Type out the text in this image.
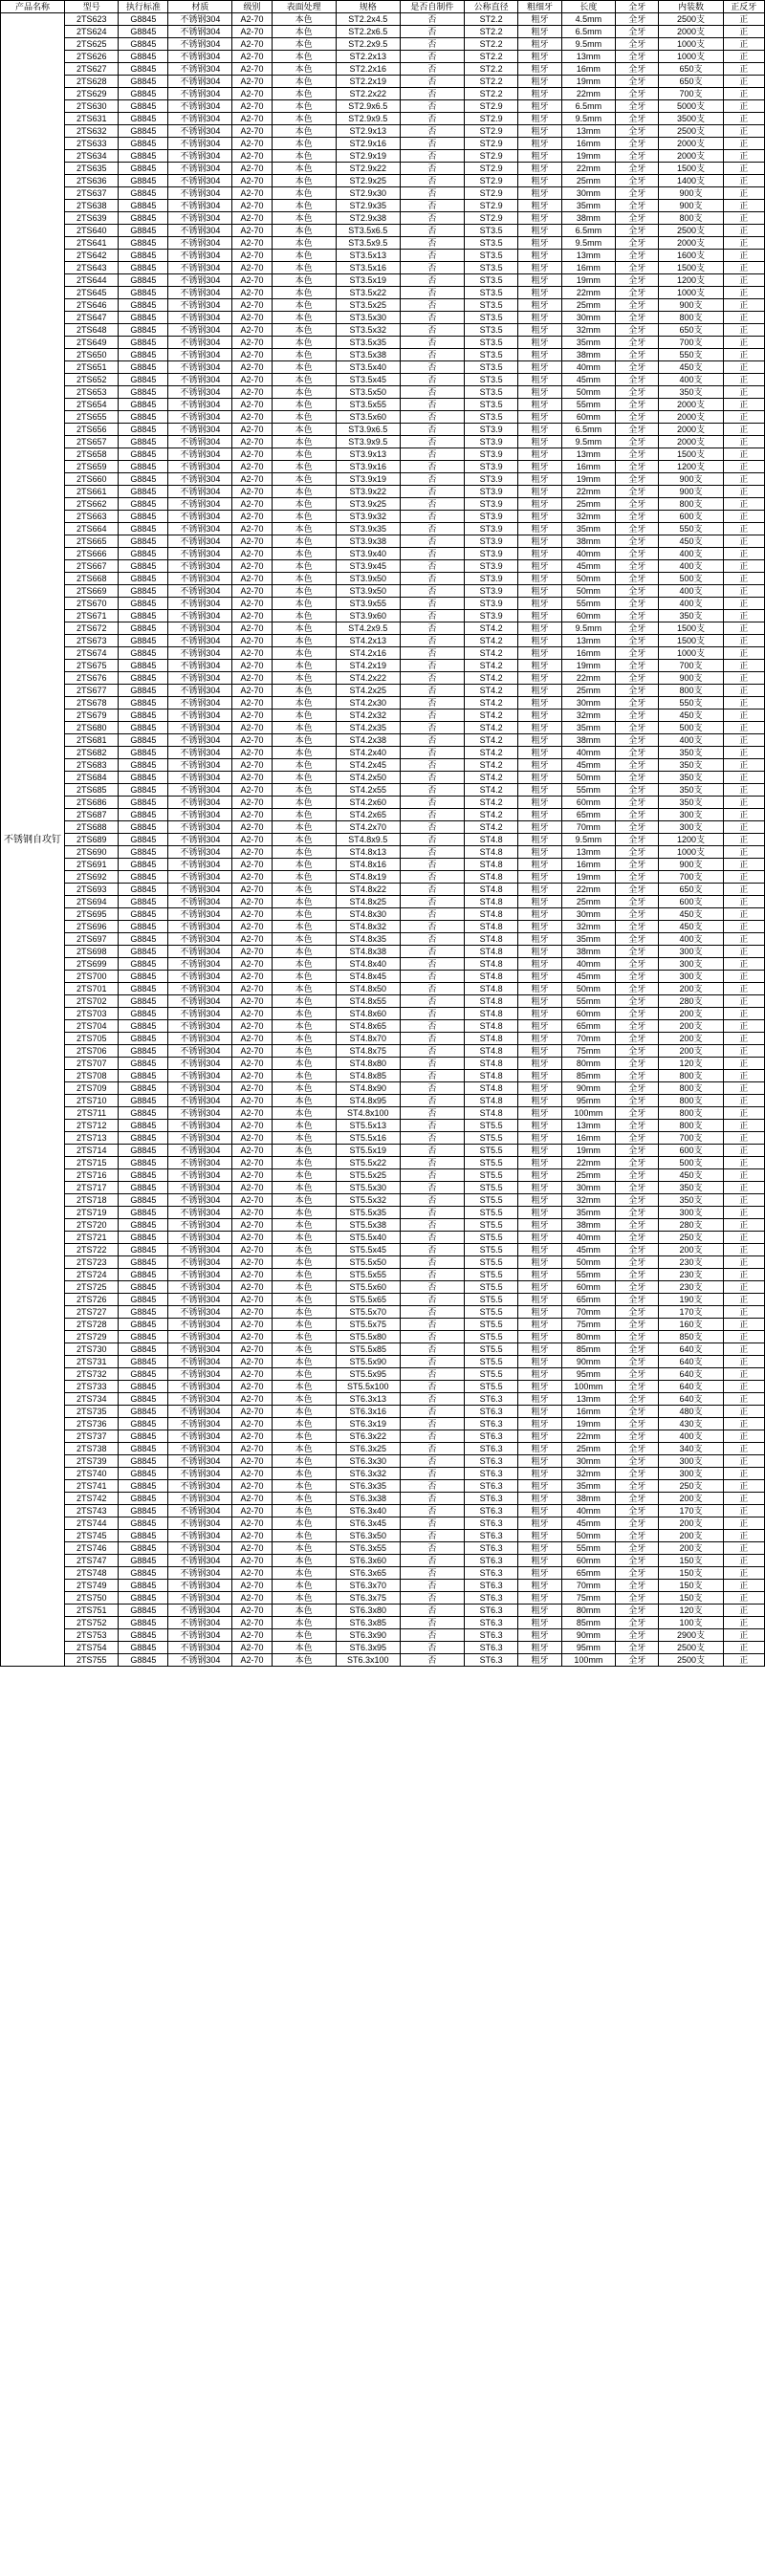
产品名称	型号	执行标准	材质	级别	表面处理	规格	是否自制件	公称直径	粗细牙	长度	全牙	内装数	正反牙
不锈钢自攻钉	2TS623	G8845	不锈钢304	A2-70	本色	ST2.2x4.5	否	ST2.2	粗牙	4.5mm	全牙	2500支	正
	2TS624	G8845	不锈钢304	A2-70	本色	ST2.2x6.5	否	ST2.2	粗牙	6.5mm	全牙	2000支	正
	2TS625	G8845	不锈钢304	A2-70	本色	ST2.2x9.5	否	ST2.2	粗牙	9.5mm	全牙	1000支	正
	2TS626	G8845	不锈钢304	A2-70	本色	ST2.2x13	否	ST2.2	粗牙	13mm	全牙	1000支	正
	2TS627	G8845	不锈钢304	A2-70	本色	ST2.2x16	否	ST2.2	粗牙	16mm	全牙	650支	正
	2TS628	G8845	不锈钢304	A2-70	本色	ST2.2x19	否	ST2.2	粗牙	19mm	全牙	650支	正
	2TS629	G8845	不锈钢304	A2-70	本色	ST2.2x22	否	ST2.2	粗牙	22mm	全牙	700支	正
	2TS630	G8845	不锈钢304	A2-70	本色	ST2.9x6.5	否	ST2.9	粗牙	6.5mm	全牙	5000支	正
	2TS631	G8845	不锈钢304	A2-70	本色	ST2.9x9.5	否	ST2.9	粗牙	9.5mm	全牙	3500支	正
	2TS632	G8845	不锈钢304	A2-70	本色	ST2.9x13	否	ST2.9	粗牙	13mm	全牙	2500支	正
	2TS633	G8845	不锈钢304	A2-70	本色	ST2.9x16	否	ST2.9	粗牙	16mm	全牙	2000支	正
	2TS634	G8845	不锈钢304	A2-70	本色	ST2.9x19	否	ST2.9	粗牙	19mm	全牙	2000支	正
	2TS635	G8845	不锈钢304	A2-70	本色	ST2.9x22	否	ST2.9	粗牙	22mm	全牙	1500支	正
	2TS636	G8845	不锈钢304	A2-70	本色	ST2.9x25	否	ST2.9	粗牙	25mm	全牙	1400支	正
	2TS637	G8845	不锈钢304	A2-70	本色	ST2.9x30	否	ST2.9	粗牙	30mm	全牙	900支	正
	2TS638	G8845	不锈钢304	A2-70	本色	ST2.9x35	否	ST2.9	粗牙	35mm	全牙	900支	正
	2TS639	G8845	不锈钢304	A2-70	本色	ST2.9x38	否	ST2.9	粗牙	38mm	全牙	800支	正
	2TS640	G8845	不锈钢304	A2-70	本色	ST3.5x6.5	否	ST3.5	粗牙	6.5mm	全牙	2500支	正
	2TS641	G8845	不锈钢304	A2-70	本色	ST3.5x9.5	否	ST3.5	粗牙	9.5mm	全牙	2000支	正
	2TS642	G8845	不锈钢304	A2-70	本色	ST3.5x13	否	ST3.5	粗牙	13mm	全牙	1600支	正
	2TS643	G8845	不锈钢304	A2-70	本色	ST3.5x16	否	ST3.5	粗牙	16mm	全牙	1500支	正
	2TS644	G8845	不锈钢304	A2-70	本色	ST3.5x19	否	ST3.5	粗牙	19mm	全牙	1200支	正
	2TS645	G8845	不锈钢304	A2-70	本色	ST3.5x22	否	ST3.5	粗牙	22mm	全牙	1000支	正
	2TS646	G8845	不锈钢304	A2-70	本色	ST3.5x25	否	ST3.5	粗牙	25mm	全牙	900支	正
	2TS647	G8845	不锈钢304	A2-70	本色	ST3.5x30	否	ST3.5	粗牙	30mm	全牙	800支	正
	2TS648	G8845	不锈钢304	A2-70	本色	ST3.5x32	否	ST3.5	粗牙	32mm	全牙	650支	正
	2TS649	G8845	不锈钢304	A2-70	本色	ST3.5x35	否	ST3.5	粗牙	35mm	全牙	700支	正
	2TS650	G8845	不锈钢304	A2-70	本色	ST3.5x38	否	ST3.5	粗牙	38mm	全牙	550支	正
	2TS651	G8845	不锈钢304	A2-70	本色	ST3.5x40	否	ST3.5	粗牙	40mm	全牙	450支	正
	2TS652	G8845	不锈钢304	A2-70	本色	ST3.5x45	否	ST3.5	粗牙	45mm	全牙	400支	正
	2TS653	G8845	不锈钢304	A2-70	本色	ST3.5x50	否	ST3.5	粗牙	50mm	全牙	350支	正
	2TS654	G8845	不锈钢304	A2-70	本色	ST3.5x55	否	ST3.5	粗牙	55mm	全牙	2000支	正
	2TS655	G8845	不锈钢304	A2-70	本色	ST3.5x60	否	ST3.5	粗牙	60mm	全牙	2000支	正
	2TS656	G8845	不锈钢304	A2-70	本色	ST3.9x6.5	否	ST3.9	粗牙	6.5mm	全牙	2000支	正
	2TS657	G8845	不锈钢304	A2-70	本色	ST3.9x9.5	否	ST3.9	粗牙	9.5mm	全牙	2000支	正
	2TS658	G8845	不锈钢304	A2-70	本色	ST3.9x13	否	ST3.9	粗牙	13mm	全牙	1500支	正
	2TS659	G8845	不锈钢304	A2-70	本色	ST3.9x16	否	ST3.9	粗牙	16mm	全牙	1200支	正
	2TS660	G8845	不锈钢304	A2-70	本色	ST3.9x19	否	ST3.9	粗牙	19mm	全牙	900支	正
	2TS661	G8845	不锈钢304	A2-70	本色	ST3.9x22	否	ST3.9	粗牙	22mm	全牙	900支	正
	2TS662	G8845	不锈钢304	A2-70	本色	ST3.9x25	否	ST3.9	粗牙	25mm	全牙	800支	正
	2TS663	G8845	不锈钢304	A2-70	本色	ST3.9x32	否	ST3.9	粗牙	32mm	全牙	600支	正
	2TS664	G8845	不锈钢304	A2-70	本色	ST3.9x35	否	ST3.9	粗牙	35mm	全牙	550支	正
	2TS665	G8845	不锈钢304	A2-70	本色	ST3.9x38	否	ST3.9	粗牙	38mm	全牙	450支	正
	2TS666	G8845	不锈钢304	A2-70	本色	ST3.9x40	否	ST3.9	粗牙	40mm	全牙	400支	正
	2TS667	G8845	不锈钢304	A2-70	本色	ST3.9x45	否	ST3.9	粗牙	45mm	全牙	400支	正
	2TS668	G8845	不锈钢304	A2-70	本色	ST3.9x50	否	ST3.9	粗牙	50mm	全牙	500支	正
	2TS669	G8845	不锈钢304	A2-70	本色	ST3.9x50	否	ST3.9	粗牙	50mm	全牙	400支	正
	2TS670	G8845	不锈钢304	A2-70	本色	ST3.9x55	否	ST3.9	粗牙	55mm	全牙	400支	正
	2TS671	G8845	不锈钢304	A2-70	本色	ST3.9x60	否	ST3.9	粗牙	60mm	全牙	350支	正
	2TS672	G8845	不锈钢304	A2-70	本色	ST4.2x9.5	否	ST4.2	粗牙	9.5mm	全牙	1500支	正
	2TS673	G8845	不锈钢304	A2-70	本色	ST4.2x13	否	ST4.2	粗牙	13mm	全牙	1500支	正
	2TS674	G8845	不锈钢304	A2-70	本色	ST4.2x16	否	ST4.2	粗牙	16mm	全牙	1000支	正
	2TS675	G8845	不锈钢304	A2-70	本色	ST4.2x19	否	ST4.2	粗牙	19mm	全牙	700支	正
	2TS676	G8845	不锈钢304	A2-70	本色	ST4.2x22	否	ST4.2	粗牙	22mm	全牙	900支	正
	2TS677	G8845	不锈钢304	A2-70	本色	ST4.2x25	否	ST4.2	粗牙	25mm	全牙	800支	正
	2TS678	G8845	不锈钢304	A2-70	本色	ST4.2x30	否	ST4.2	粗牙	30mm	全牙	550支	正
	2TS679	G8845	不锈钢304	A2-70	本色	ST4.2x32	否	ST4.2	粗牙	32mm	全牙	450支	正
	2TS680	G8845	不锈钢304	A2-70	本色	ST4.2x35	否	ST4.2	粗牙	35mm	全牙	500支	正
	2TS681	G8845	不锈钢304	A2-70	本色	ST4.2x38	否	ST4.2	粗牙	38mm	全牙	400支	正
	2TS682	G8845	不锈钢304	A2-70	本色	ST4.2x40	否	ST4.2	粗牙	40mm	全牙	350支	正
	2TS683	G8845	不锈钢304	A2-70	本色	ST4.2x45	否	ST4.2	粗牙	45mm	全牙	350支	正
	2TS684	G8845	不锈钢304	A2-70	本色	ST4.2x50	否	ST4.2	粗牙	50mm	全牙	350支	正
	2TS685	G8845	不锈钢304	A2-70	本色	ST4.2x55	否	ST4.2	粗牙	55mm	全牙	350支	正
	2TS686	G8845	不锈钢304	A2-70	本色	ST4.2x60	否	ST4.2	粗牙	60mm	全牙	350支	正
	2TS687	G8845	不锈钢304	A2-70	本色	ST4.2x65	否	ST4.2	粗牙	65mm	全牙	300支	正
	2TS688	G8845	不锈钢304	A2-70	本色	ST4.2x70	否	ST4.2	粗牙	70mm	全牙	300支	正
	2TS689	G8845	不锈钢304	A2-70	本色	ST4.8x9.5	否	ST4.8	粗牙	9.5mm	全牙	1200支	正
	2TS690	G8845	不锈钢304	A2-70	本色	ST4.8x13	否	ST4.8	粗牙	13mm	全牙	1000支	正
	2TS691	G8845	不锈钢304	A2-70	本色	ST4.8x16	否	ST4.8	粗牙	16mm	全牙	900支	正
	2TS692	G8845	不锈钢304	A2-70	本色	ST4.8x19	否	ST4.8	粗牙	19mm	全牙	700支	正
	2TS693	G8845	不锈钢304	A2-70	本色	ST4.8x22	否	ST4.8	粗牙	22mm	全牙	650支	正
	2TS694	G8845	不锈钢304	A2-70	本色	ST4.8x25	否	ST4.8	粗牙	25mm	全牙	600支	正
	2TS695	G8845	不锈钢304	A2-70	本色	ST4.8x30	否	ST4.8	粗牙	30mm	全牙	450支	正
	2TS696	G8845	不锈钢304	A2-70	本色	ST4.8x32	否	ST4.8	粗牙	32mm	全牙	450支	正
	2TS697	G8845	不锈钢304	A2-70	本色	ST4.8x35	否	ST4.8	粗牙	35mm	全牙	400支	正
	2TS698	G8845	不锈钢304	A2-70	本色	ST4.8x38	否	ST4.8	粗牙	38mm	全牙	300支	正
	2TS699	G8845	不锈钢304	A2-70	本色	ST4.8x40	否	ST4.8	粗牙	40mm	全牙	300支	正
	2TS700	G8845	不锈钢304	A2-70	本色	ST4.8x45	否	ST4.8	粗牙	45mm	全牙	300支	正
	2TS701	G8845	不锈钢304	A2-70	本色	ST4.8x50	否	ST4.8	粗牙	50mm	全牙	200支	正
	2TS702	G8845	不锈钢304	A2-70	本色	ST4.8x55	否	ST4.8	粗牙	55mm	全牙	280支	正
	2TS703	G8845	不锈钢304	A2-70	本色	ST4.8x60	否	ST4.8	粗牙	60mm	全牙	200支	正
	2TS704	G8845	不锈钢304	A2-70	本色	ST4.8x65	否	ST4.8	粗牙	65mm	全牙	200支	正
	2TS705	G8845	不锈钢304	A2-70	本色	ST4.8x70	否	ST4.8	粗牙	70mm	全牙	200支	正
	2TS706	G8845	不锈钢304	A2-70	本色	ST4.8x75	否	ST4.8	粗牙	75mm	全牙	200支	正
	2TS707	G8845	不锈钢304	A2-70	本色	ST4.8x80	否	ST4.8	粗牙	80mm	全牙	120支	正
	2TS708	G8845	不锈钢304	A2-70	本色	ST4.8x85	否	ST4.8	粗牙	85mm	全牙	800支	正
	2TS709	G8845	不锈钢304	A2-70	本色	ST4.8x90	否	ST4.8	粗牙	90mm	全牙	800支	正
	2TS710	G8845	不锈钢304	A2-70	本色	ST4.8x95	否	ST4.8	粗牙	95mm	全牙	800支	正
	2TS711	G8845	不锈钢304	A2-70	本色	ST4.8x100	否	ST4.8	粗牙	100mm	全牙	800支	正
	2TS712	G8845	不锈钢304	A2-70	本色	ST5.5x13	否	ST5.5	粗牙	13mm	全牙	800支	正
	2TS713	G8845	不锈钢304	A2-70	本色	ST5.5x16	否	ST5.5	粗牙	16mm	全牙	700支	正
	2TS714	G8845	不锈钢304	A2-70	本色	ST5.5x19	否	ST5.5	粗牙	19mm	全牙	600支	正
	2TS715	G8845	不锈钢304	A2-70	本色	ST5.5x22	否	ST5.5	粗牙	22mm	全牙	500支	正
	2TS716	G8845	不锈钢304	A2-70	本色	ST5.5x25	否	ST5.5	粗牙	25mm	全牙	450支	正
	2TS717	G8845	不锈钢304	A2-70	本色	ST5.5x30	否	ST5.5	粗牙	30mm	全牙	350支	正
	2TS718	G8845	不锈钢304	A2-70	本色	ST5.5x32	否	ST5.5	粗牙	32mm	全牙	350支	正
	2TS719	G8845	不锈钢304	A2-70	本色	ST5.5x35	否	ST5.5	粗牙	35mm	全牙	300支	正
	2TS720	G8845	不锈钢304	A2-70	本色	ST5.5x38	否	ST5.5	粗牙	38mm	全牙	280支	正
	2TS721	G8845	不锈钢304	A2-70	本色	ST5.5x40	否	ST5.5	粗牙	40mm	全牙	250支	正
	2TS722	G8845	不锈钢304	A2-70	本色	ST5.5x45	否	ST5.5	粗牙	45mm	全牙	200支	正
	2TS723	G8845	不锈钢304	A2-70	本色	ST5.5x50	否	ST5.5	粗牙	50mm	全牙	230支	正
	2TS724	G8845	不锈钢304	A2-70	本色	ST5.5x55	否	ST5.5	粗牙	55mm	全牙	230支	正
	2TS725	G8845	不锈钢304	A2-70	本色	ST5.5x60	否	ST5.5	粗牙	60mm	全牙	230支	正
	2TS726	G8845	不锈钢304	A2-70	本色	ST5.5x65	否	ST5.5	粗牙	65mm	全牙	190支	正
	2TS727	G8845	不锈钢304	A2-70	本色	ST5.5x70	否	ST5.5	粗牙	70mm	全牙	170支	正
	2TS728	G8845	不锈钢304	A2-70	本色	ST5.5x75	否	ST5.5	粗牙	75mm	全牙	160支	正
	2TS729	G8845	不锈钢304	A2-70	本色	ST5.5x80	否	ST5.5	粗牙	80mm	全牙	850支	正
	2TS730	G8845	不锈钢304	A2-70	本色	ST5.5x85	否	ST5.5	粗牙	85mm	全牙	640支	正
	2TS731	G8845	不锈钢304	A2-70	本色	ST5.5x90	否	ST5.5	粗牙	90mm	全牙	640支	正
	2TS732	G8845	不锈钢304	A2-70	本色	ST5.5x95	否	ST5.5	粗牙	95mm	全牙	640支	正
	2TS733	G8845	不锈钢304	A2-70	本色	ST5.5x100	否	ST5.5	粗牙	100mm	全牙	640支	正
	2TS734	G8845	不锈钢304	A2-70	本色	ST6.3x13	否	ST6.3	粗牙	13mm	全牙	640支	正
	2TS735	G8845	不锈钢304	A2-70	本色	ST6.3x16	否	ST6.3	粗牙	16mm	全牙	480支	正
	2TS736	G8845	不锈钢304	A2-70	本色	ST6.3x19	否	ST6.3	粗牙	19mm	全牙	430支	正
	2TS737	G8845	不锈钢304	A2-70	本色	ST6.3x22	否	ST6.3	粗牙	22mm	全牙	400支	正
	2TS738	G8845	不锈钢304	A2-70	本色	ST6.3x25	否	ST6.3	粗牙	25mm	全牙	340支	正
	2TS739	G8845	不锈钢304	A2-70	本色	ST6.3x30	否	ST6.3	粗牙	30mm	全牙	300支	正
	2TS740	G8845	不锈钢304	A2-70	本色	ST6.3x32	否	ST6.3	粗牙	32mm	全牙	300支	正
	2TS741	G8845	不锈钢304	A2-70	本色	ST6.3x35	否	ST6.3	粗牙	35mm	全牙	250支	正
	2TS742	G8845	不锈钢304	A2-70	本色	ST6.3x38	否	ST6.3	粗牙	38mm	全牙	200支	正
	2TS743	G8845	不锈钢304	A2-70	本色	ST6.3x40	否	ST6.3	粗牙	40mm	全牙	170支	正
	2TS744	G8845	不锈钢304	A2-70	本色	ST6.3x45	否	ST6.3	粗牙	45mm	全牙	200支	正
	2TS745	G8845	不锈钢304	A2-70	本色	ST6.3x50	否	ST6.3	粗牙	50mm	全牙	200支	正
	2TS746	G8845	不锈钢304	A2-70	本色	ST6.3x55	否	ST6.3	粗牙	55mm	全牙	200支	正
	2TS747	G8845	不锈钢304	A2-70	本色	ST6.3x60	否	ST6.3	粗牙	60mm	全牙	150支	正
	2TS748	G8845	不锈钢304	A2-70	本色	ST6.3x65	否	ST6.3	粗牙	65mm	全牙	150支	正
	2TS749	G8845	不锈钢304	A2-70	本色	ST6.3x70	否	ST6.3	粗牙	70mm	全牙	150支	正
	2TS750	G8845	不锈钢304	A2-70	本色	ST6.3x75	否	ST6.3	粗牙	75mm	全牙	150支	正
	2TS751	G8845	不锈钢304	A2-70	本色	ST6.3x80	否	ST6.3	粗牙	80mm	全牙	120支	正
	2TS752	G8845	不锈钢304	A2-70	本色	ST6.3x85	否	ST6.3	粗牙	85mm	全牙	100支	正
	2TS753	G8845	不锈钢304	A2-70	本色	ST6.3x90	否	ST6.3	粗牙	90mm	全牙	2900支	正
	2TS754	G8845	不锈钢304	A2-70	本色	ST6.3x95	否	ST6.3	粗牙	95mm	全牙	2500支	正
	2TS755	G8845	不锈钢304	A2-70	本色	ST6.3x100	否	ST6.3	粗牙	100mm	全牙	2500支	正
